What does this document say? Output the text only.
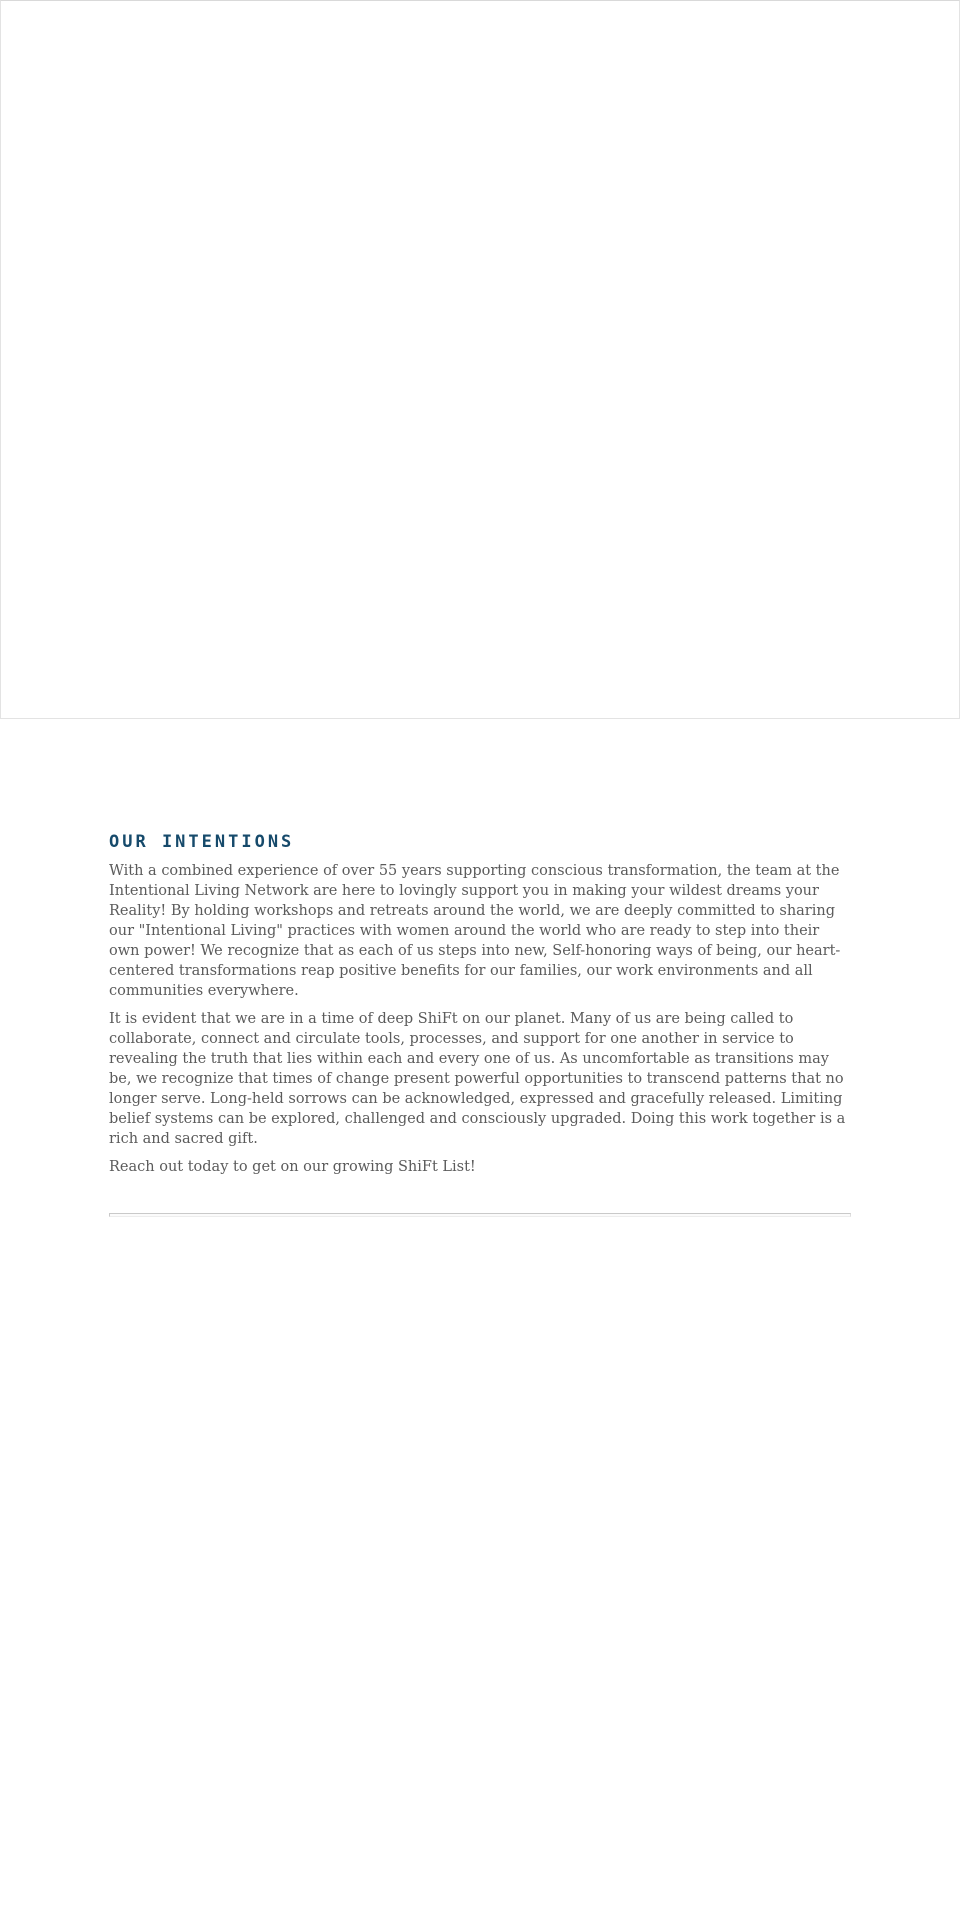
OUR INTENTIONS

With a combined experience of over 55 years supporting conscious transformation, the team at the Intentional Living Network are here to lovingly support you in making your wildest dreams your Reality! By holding workshops and retreats around the world, we are deeply committed to sharing our "Intentional Living" practices with women around the world who are ready to step into their own power! We recognize that as each of us steps into new, Self-honoring ways of being, our heart-centered transformations reap positive benefits for our families, our work environments and all communities everywhere.

It is evident that we are in a time of deep ShiFt on our planet. Many of us are being called to collaborate, connect and circulate tools, processes, and support for one another in service to revealing the truth that lies within each and every one of us. As uncomfortable as transitions may be, we recognize that times of change present powerful opportunities to transcend patterns that no longer serve. Long-held sorrows can be acknowledged, expressed and gracefully released. Limiting belief systems can be explored, challenged and consciously upgraded. Doing this work together is a rich and sacred gift.

Reach out today to get on our growing ShiFt List!
